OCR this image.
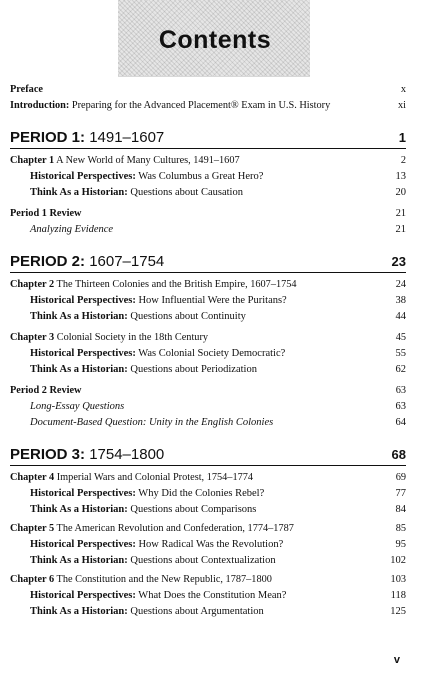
Contents
Preface	x
Introduction: Preparing for the Advanced Placement® Exam in U.S. History	xi
PERIOD 1: 1491–1607	1
Chapter 1 A New World of Many Cultures, 1491–1607	2
Historical Perspectives: Was Columbus a Great Hero?	13
Think As a Historian: Questions about Causation	20
Period 1 Review	21
Analyzing Evidence	21
PERIOD 2: 1607–1754	23
Chapter 2 The Thirteen Colonies and the British Empire, 1607–1754	24
Historical Perspectives: How Influential Were the Puritans?	38
Think As a Historian: Questions about Continuity	44
Chapter 3 Colonial Society in the 18th Century	45
Historical Perspectives: Was Colonial Society Democratic?	55
Think As a Historian: Questions about Periodization	62
Period 2 Review	63
Long-Essay Questions	63
Document-Based Question: Unity in the English Colonies	64
PERIOD 3: 1754–1800	68
Chapter 4 Imperial Wars and Colonial Protest, 1754–1774	69
Historical Perspectives: Why Did the Colonies Rebel?	77
Think As a Historian: Questions about Comparisons	84
Chapter 5 The American Revolution and Confederation, 1774–1787	85
Historical Perspectives: How Radical Was the Revolution?	95
Think As a Historian: Questions about Contextualization	102
Chapter 6 The Constitution and the New Republic, 1787–1800	103
Historical Perspectives: What Does the Constitution Mean?	118
Think As a Historian: Questions about Argumentation	125
v
